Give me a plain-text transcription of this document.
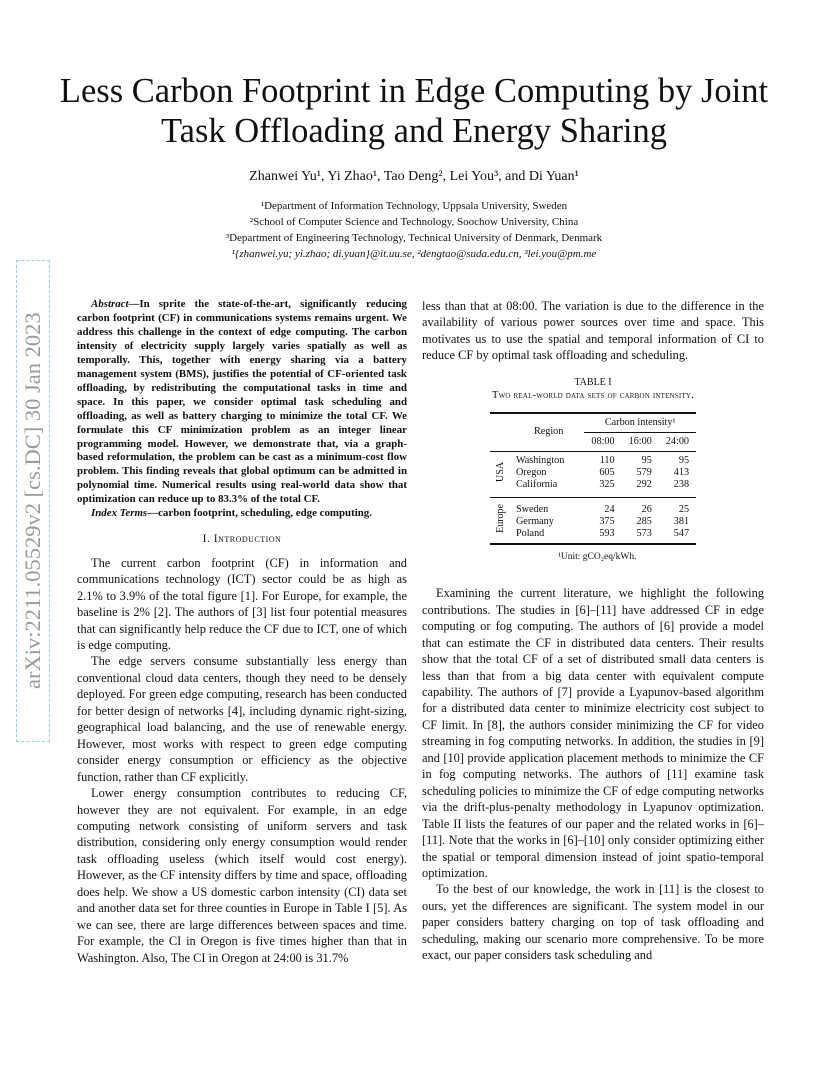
arXiv:2211.05529v2 [cs.DC] 30 Jan 2023
Less Carbon Footprint in Edge Computing by Joint Task Offloading and Energy Sharing
Zhanwei Yu¹, Yi Zhao¹, Tao Deng², Lei You³, and Di Yuan¹
¹Department of Information Technology, Uppsala University, Sweden
²School of Computer Science and Technology, Soochow University, China
³Department of Engineering Technology, Technical University of Denmark, Denmark
¹{zhanwei.yu; yi.zhao; di.yuan}@it.uu.se, ²dengtao@suda.edu.cn, ³lei.you@pm.me

Abstract—In sprite the state-of-the-art, significantly reducing carbon footprint (CF) in communications systems remains urgent. We address this challenge in the context of edge computing. The carbon intensity of electricity supply largely varies spatially as well as temporally. This, together with energy sharing via a battery management system (BMS), justifies the potential of CF-oriented task offloading, by redistributing the computational tasks in time and space. In this paper, we consider optimal task scheduling and offloading, as well as battery charging to minimize the total CF. We formulate this CF minimization problem as an integer linear programming model. However, we demonstrate that, via a graph-based reformulation, the problem can be cast as a minimum-cost flow problem. This finding reveals that global optimum can be admitted in polynomial time. Numerical results using real-world data show that optimization can reduce up to 83.3% of the total CF.

Index Terms—carbon footprint, scheduling, edge computing.

I. Introduction

The current carbon footprint (CF) in information and communications technology (ICT) sector could be as high as 2.1% to 3.9% of the total figure [1]. For Europe, for example, the baseline is 2% [2]. The authors of [3] list four potential measures that can significantly help reduce the CF due to ICT, one of which is edge computing.

The edge servers consume substantially less energy than conventional cloud data centers, though they need to be densely deployed. For green edge computing, research has been conducted for better design of networks [4], including dynamic right-sizing, geographical load balancing, and the use of renewable energy. However, most works with respect to green edge computing consider energy consumption or efficiency as the objective function, rather than CF explicitly.

Lower energy consumption contributes to reducing CF, however they are not equivalent. For example, in an edge computing network consisting of uniform servers and task distribution, considering only energy consumption would render task offloading useless (which itself would cost energy). However, as the CF intensity differs by time and space, offloading does help. We show a US domestic carbon intensity (CI) data set and another data set for three counties in Europe in Table I [5]. As we can see, there are large differences between spaces and time. For example, the CI in Oregon is five times higher than that in Washington. Also, The CI in Oregon at 24:00 is 31.7%

less than that at 08:00. The variation is due to the difference in the availability of various power sources over time and space. This motivates us to use the spatial and temporal information of CI to reduce CF by optimal task offloading and scheduling.

TABLE I
Two real-world data sets of carbon intensity.

Region		Carbon intensity¹		
		08:00	16:00	24:00
USA	Washington	110	95	95
	Oregon	605	579	413
	California	325	292	238
Europe	Sweden	24	26	25
	Germany	375	285	381
	Poland	593	573	547

¹Unit: gCO₂eq/kWh.

Examining the current literature, we highlight the following contributions. The studies in [6]–[11] have addressed CF in edge computing or fog computing. The authors of [6] provide a model that can estimate the CF in distributed data centers. Their results show that the total CF of a set of distributed small data centers is less than that from a big data center with equivalent compute capability. The authors of [7] provide a Lyapunov-based algorithm for a distributed data center to minimize electricity cost subject to CF limit. In [8], the authors consider minimizing the CF for video streaming in fog computing networks. In addition, the studies in [9] and [10] provide application placement methods to minimize the CF in fog computing networks. The authors of [11] examine task scheduling policies to minimize the CF of edge computing networks via the drift-plus-penalty methodology in Lyapunov optimization. Table II lists the features of our paper and the related works in [6]–[11]. Note that the works in [6]–[10] only consider optimizing either the spatial or temporal dimension instead of joint spatio-temporal optimization.

To the best of our knowledge, the work in [11] is the closest to ours, yet the differences are significant. The system model in our paper considers battery charging on top of task offloading and scheduling, making our scenario more comprehensive. To be more exact, our paper considers task scheduling and
